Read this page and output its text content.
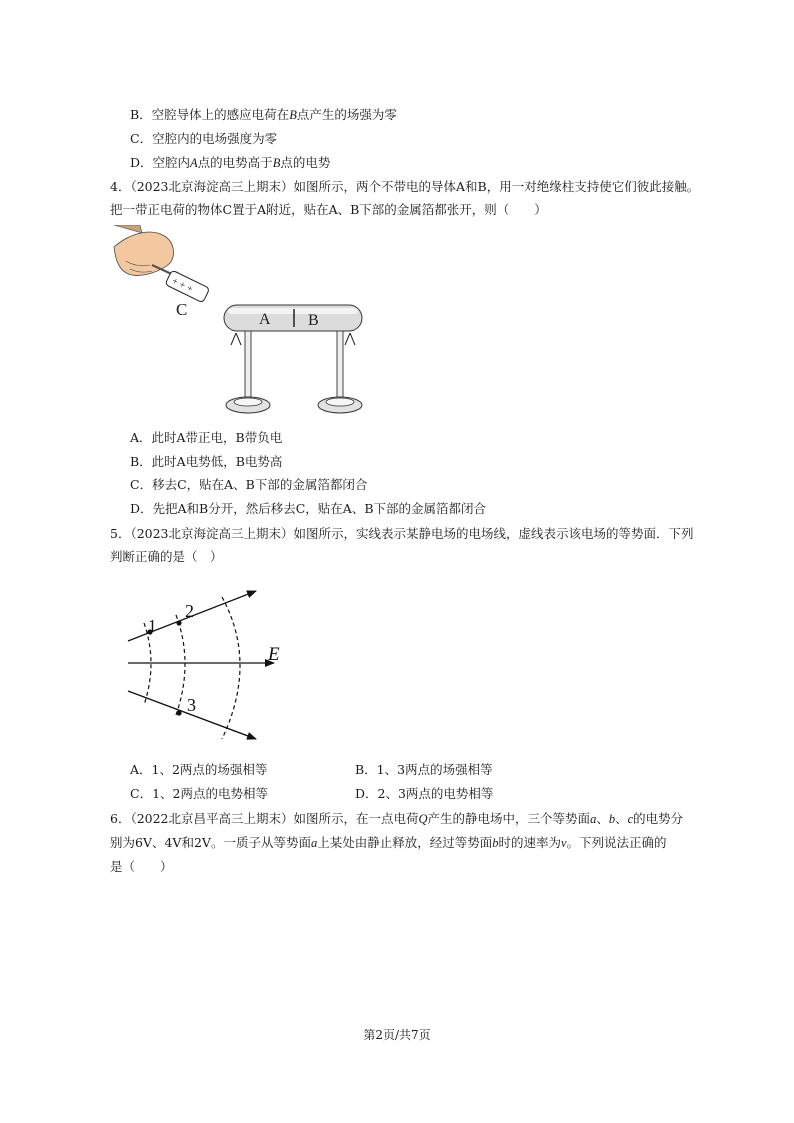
B．空腔导体上的感应电荷在B点产生的场强为零
C．空腔内的电场强度为零
D．空腔内A点的电势高于B点的电势
4．（2023北京海淀高三上期末）如图所示，两个不带电的导体A和B，用一对绝缘柱支持使它们彼此接触。
把一带正电荷的物体C置于A附近，贴在A、B下部的金属箔都张开，则（　　）
+ + +
C
A B
A．此时A带正电，B带负电
B．此时A电势低，B电势高
C．移去C，贴在A、B下部的金属箔都闭合
D．先把A和B分开，然后移去C，贴在A、B下部的金属箔都闭合
5．（2023北京海淀高三上期末）如图所示，实线表示某静电场的电场线，虚线表示该电场的等势面．下列
判断正确的是（　）
1
2
3
E
A．1、2两点的场强相等	B．1、3两点的场强相等
C．1、2两点的电势相等	D．2、3两点的电势相等
6．（2022北京昌平高三上期末）如图所示，在一点电荷Q产生的静电场中，三个等势面a、b、c的电势分
别为6V、4V和2V。一质子从等势面a上某处由静止释放，经过等势面b时的速率为v。下列说法正确的
是（　　）
第2页/共7页
